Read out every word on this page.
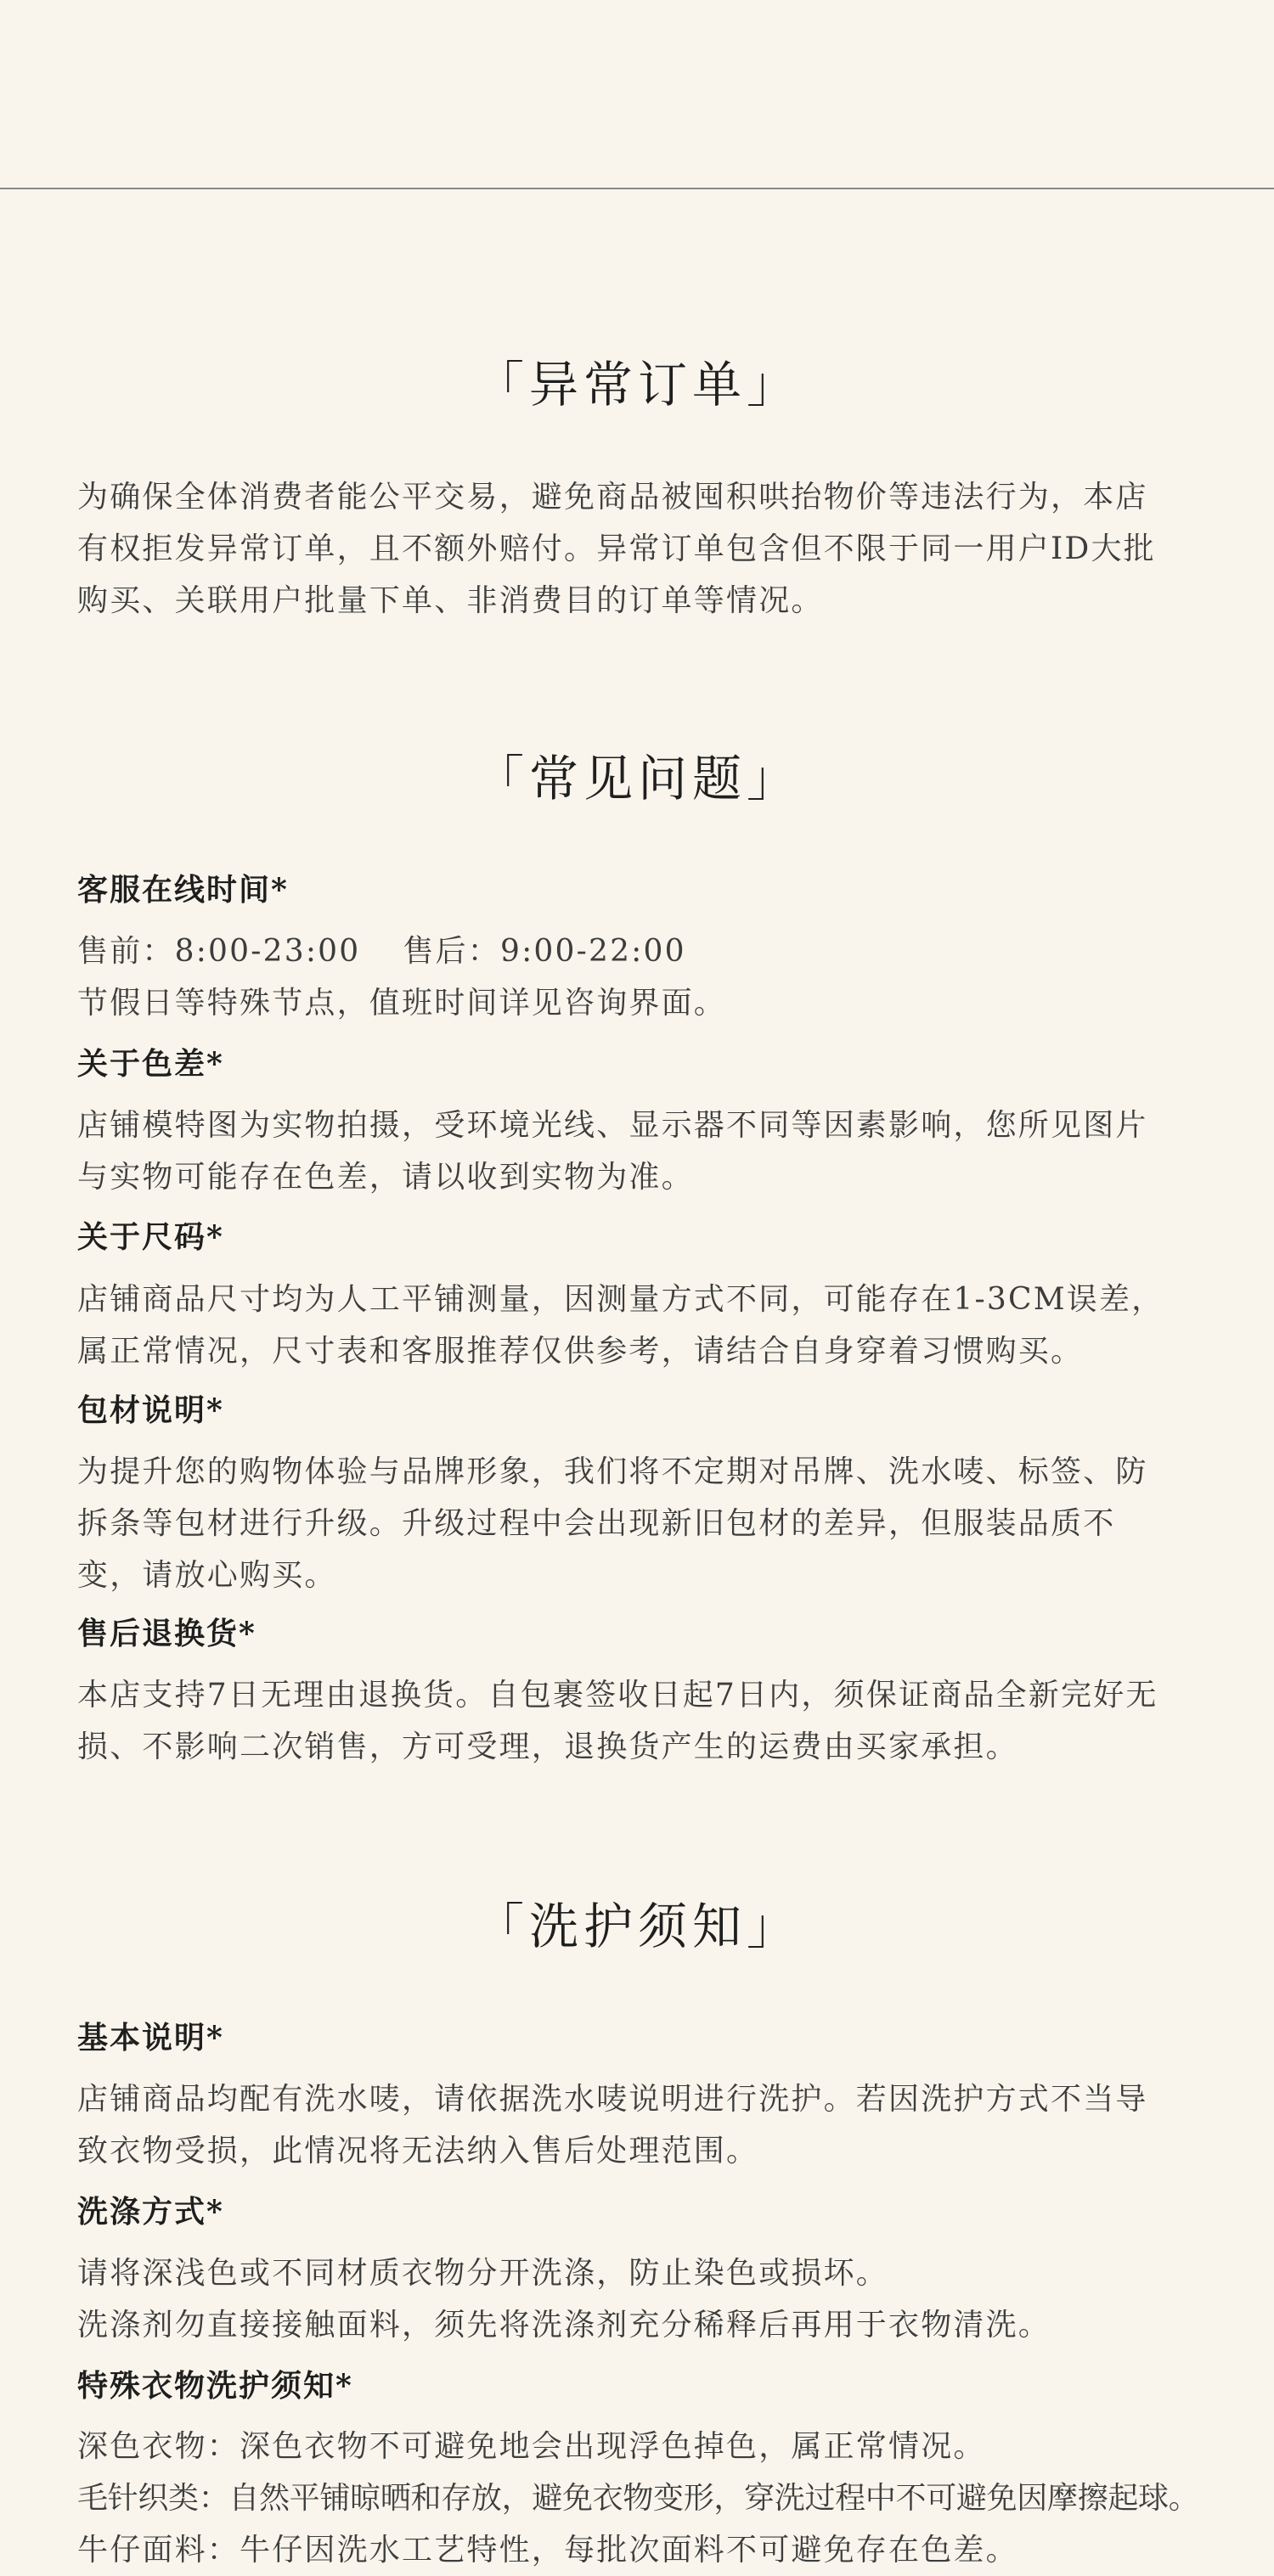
「异常订单」
为确保全体消费者能公平交易，避免商品被囤积哄抬物价等违法行为，本店
有权拒发异常订单，且不额外赔付。异常订单包含但不限于同一用户ID大批
购买、关联用户批量下单、非消费目的订单等情况。
「常见问题」
客服在线时间*
售前：8:00-23:00 售后：9:00-22:00
节假日等特殊节点，值班时间详见咨询界面。
关于色差*
店铺模特图为实物拍摄，受环境光线、显示器不同等因素影响，您所见图片
与实物可能存在色差，请以收到实物为准。
关于尺码*
店铺商品尺寸均为人工平铺测量，因测量方式不同，可能存在1-3CM误差，
属正常情况，尺寸表和客服推荐仅供参考，请结合自身穿着习惯购买。
包材说明*
为提升您的购物体验与品牌形象，我们将不定期对吊牌、洗水唛、标签、防
拆条等包材进行升级。升级过程中会出现新旧包材的差异，但服装品质不
变，请放心购买。
售后退换货*
本店支持7日无理由退换货。自包裹签收日起7日内，须保证商品全新完好无
损、不影响二次销售，方可受理，退换货产生的运费由买家承担。
「洗护须知」
基本说明*
店铺商品均配有洗水唛，请依据洗水唛说明进行洗护。若因洗护方式不当导
致衣物受损，此情况将无法纳入售后处理范围。
洗涤方式*
请将深浅色或不同材质衣物分开洗涤，防止染色或损坏。
洗涤剂勿直接接触面料，须先将洗涤剂充分稀释后再用于衣物清洗。
特殊衣物洗护须知*
深色衣物：深色衣物不可避免地会出现浮色掉色，属正常情况。
毛针织类：自然平铺晾晒和存放，避免衣物变形，穿洗过程中不可避免因摩擦起球。
牛仔面料：牛仔因洗水工艺特性，每批次面料不可避免存在色差。
